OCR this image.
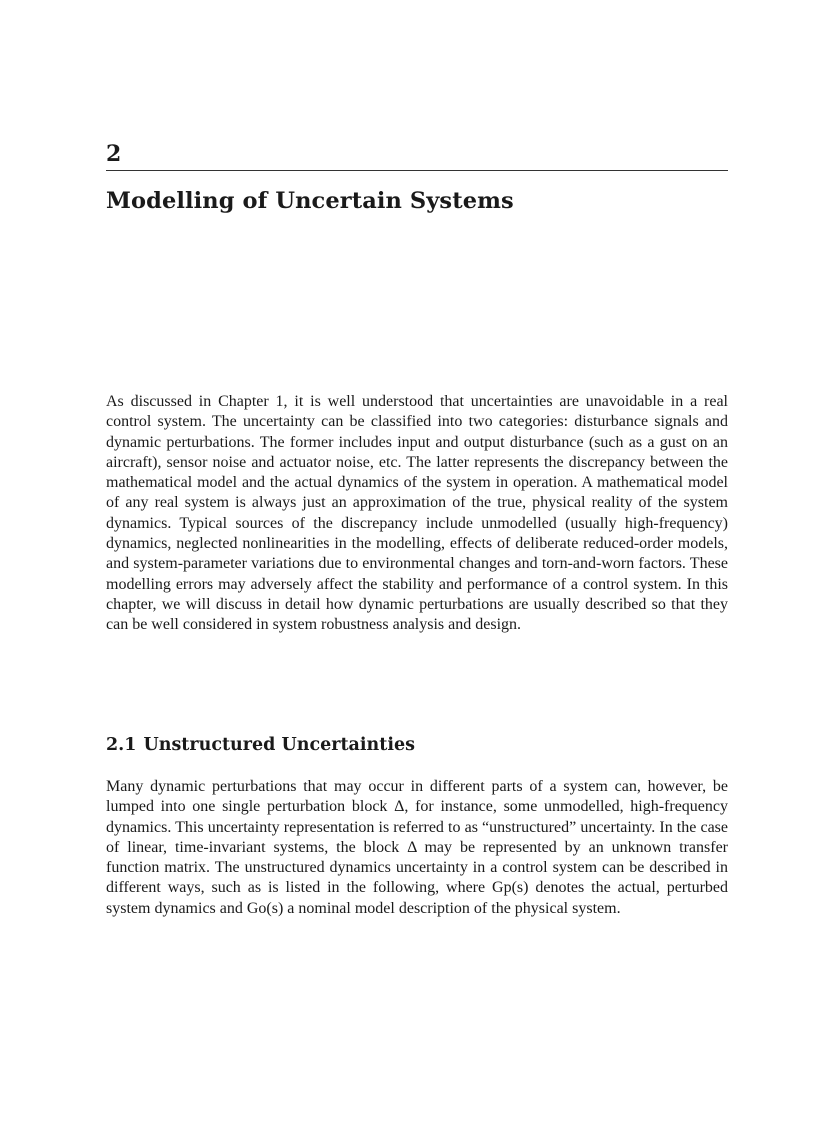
2
Modelling of Uncertain Systems

As discussed in Chapter 1, it is well understood that uncertainties are unavoidable in a real control system. The uncertainty can be classified into two categories: disturbance signals and dynamic perturbations. The former includes input and output disturbance (such as a gust on an aircraft), sensor noise and actuator noise, etc. The latter represents the discrepancy between the mathematical model and the actual dynamics of the system in operation. A mathematical model of any real system is always just an approximation of the true, physical reality of the system dynamics. Typical sources of the discrepancy include unmodelled (usually high-frequency) dynamics, neglected nonlinearities in the modelling, effects of deliberate reduced-order models, and system-parameter variations due to environmental changes and torn-and-worn factors. These modelling errors may adversely affect the stability and performance of a control system. In this chapter, we will discuss in detail how dynamic perturbations are usually described so that they can be well considered in system robustness analysis and design.

2.1 Unstructured Uncertainties

Many dynamic perturbations that may occur in different parts of a system can, however, be lumped into one single perturbation block Δ, for instance, some unmodelled, high-frequency dynamics. This uncertainty representation is referred to as “unstructured” uncertainty. In the case of linear, time-invariant systems, the block Δ may be represented by an unknown transfer function matrix. The unstructured dynamics uncertainty in a control system can be described in different ways, such as is listed in the following, where Gp(s) denotes the actual, perturbed system dynamics and Go(s) a nominal model description of the physical system.
